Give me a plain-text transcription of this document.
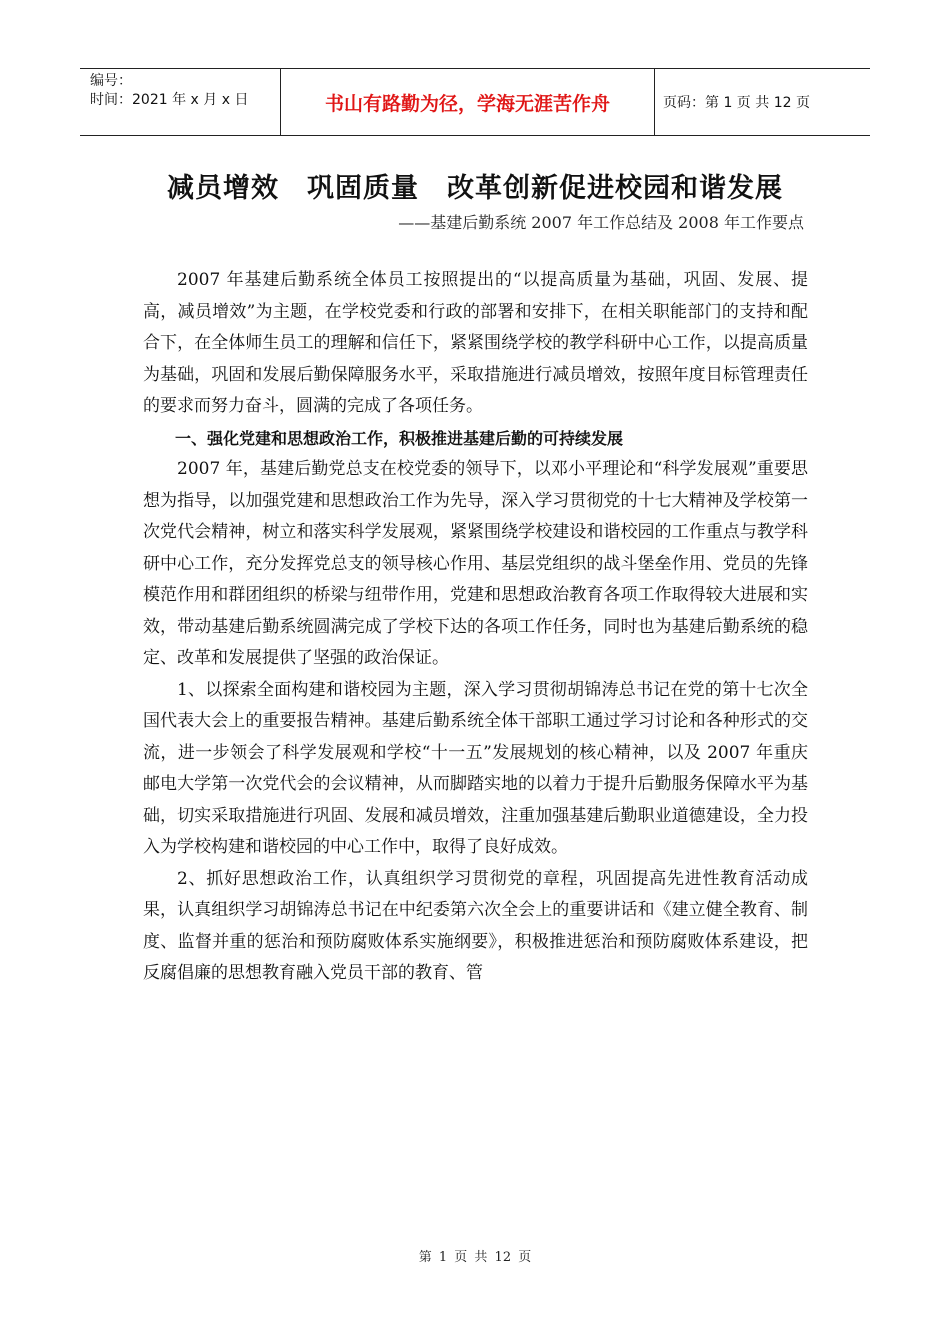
编号：
时间：2021 年 x 月 x 日	书山有路勤为径，学海无涯苦作舟	页码：第 1 页 共 12 页
减员增效　巩固质量　改革创新促进校园和谐发展
——基建后勤系统 2007 年工作总结及 2008 年工作要点

2007 年基建后勤系统全体员工按照提出的“以提高质量为基础，巩固、发展、提高，减员增效”为主题，在学校党委和行政的部署和安排下，在相关职能部门的支持和配合下，在全体师生员工的理解和信任下，紧紧围绕学校的教学科研中心工作，以提高质量为基础，巩固和发展后勤保障服务水平，采取措施进行减员增效，按照年度目标管理责任的要求而努力奋斗，圆满的完成了各项任务。

一、强化党建和思想政治工作，积极推进基建后勤的可持续发展

2007 年，基建后勤党总支在校党委的领导下，以邓小平理论和“科学发展观”重要思想为指导，以加强党建和思想政治工作为先导，深入学习贯彻党的十七大精神及学校第一次党代会精神，树立和落实科学发展观，紧紧围绕学校建设和谐校园的工作重点与教学科研中心工作，充分发挥党总支的领导核心作用、基层党组织的战斗堡垒作用、党员的先锋模范作用和群团组织的桥梁与纽带作用，党建和思想政治教育各项工作取得较大进展和实效，带动基建后勤系统圆满完成了学校下达的各项工作任务，同时也为基建后勤系统的稳定、改革和发展提供了坚强的政治保证。

1、以探索全面构建和谐校园为主题，深入学习贯彻胡锦涛总书记在党的第十七次全国代表大会上的重要报告精神。基建后勤系统全体干部职工通过学习讨论和各种形式的交流，进一步领会了科学发展观和学校“十一五”发展规划的核心精神，以及 2007 年重庆邮电大学第一次党代会的会议精神，从而脚踏实地的以着力于提升后勤服务保障水平为基础，切实采取措施进行巩固、发展和减员增效，注重加强基建后勤职业道德建设，全力投入为学校构建和谐校园的中心工作中，取得了良好成效。

2、抓好思想政治工作，认真组织学习贯彻党的章程，巩固提高先进性教育活动成果，认真组织学习胡锦涛总书记在中纪委第六次全会上的重要讲话和《建立健全教育、制度、监督并重的惩治和预防腐败体系实施纲要》，积极推进惩治和预防腐败体系建设，把反腐倡廉的思想教育融入党员干部的教育、管

第 1 页 共 12 页
